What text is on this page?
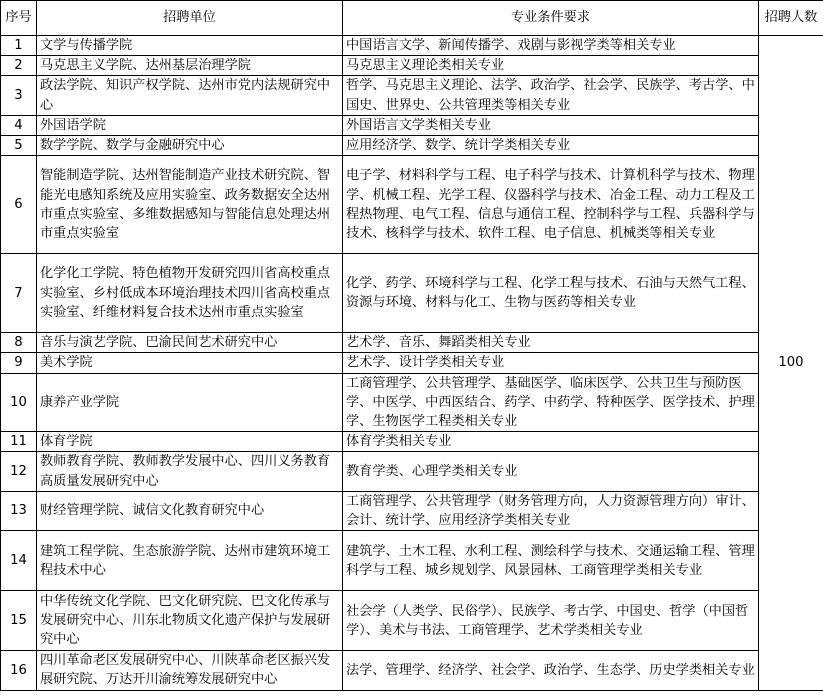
序号	招聘单位	专业条件要求	招聘人数
1	文学与传播学院	中国语言文学、新闻传播学、戏剧与影视学类等相关专业	100
2	马克思主义学院、达州基层治理学院	马克思主义理论类相关专业	
3	政法学院、知识产权学院、达州市党内法规研究中心	哲学、马克思主义理论、法学、政治学、社会学、民族学、考古学、中国史、世界史、公共管理类等相关专业	
4	外国语学院	外国语言文学类相关专业	
5	数学学院、数学与金融研究中心	应用经济学、数学、统计学类相关专业	
6	智能制造学院、达州智能制造产业技术研究院、智能光电感知系统及应用实验室、政务数据安全达州市重点实验室、多维数据感知与智能信息处理达州市重点实验室	电子学、材料科学与工程、电子科学与技术、计算机科学与技术、物理学、机械工程、光学工程、仪器科学与技术、冶金工程、动力工程及工程热物理、电气工程、信息与通信工程、控制科学与工程、兵器科学与技术、核科学与技术、软件工程、电子信息、机械类等相关专业	
7	化学化工学院、特色植物开发研究四川省高校重点实验室、乡村低成本环境治理技术四川省高校重点实验室、纤维材料复合技术达州市重点实验室	化学、药学、环境科学与工程、化学工程与技术、石油与天然气工程、资源与环境、材料与化工、生物与医药等相关专业	
8	音乐与演艺学院、巴渝民间艺术研究中心	艺术学、音乐、舞蹈类相关专业	
9	美术学院	艺术学、设计学类相关专业	
10	康养产业学院	工商管理学、公共管理学、基础医学、临床医学、公共卫生与预防医学、中医学、中西医结合、药学、中药学、特种医学、医学技术、护理学、生物医学工程类相关专业	
11	体育学院	体育学类相关专业	
12	教师教育学院、教师教学发展中心、四川义务教育高质量发展研究中心	教育学类、心理学类相关专业	
13	财经管理学院、诚信文化教育研究中心	工商管理学、公共管理学（财务管理方向，人力资源管理方向）审计、会计、统计学、应用经济学类相关专业	
14	建筑工程学院、生态旅游学院、达州市建筑环境工程技术中心	建筑学、土木工程、水利工程、测绘科学与技术、交通运输工程、管理科学与工程、城乡规划学、风景园林、工商管理学类相关专业	
15	中华传统文化学院、巴文化研究院、巴文化传承与发展研究中心、川东北物质文化遗产保护与发展研究中心	社会学（人类学、民俗学）、民族学、考古学、中国史、哲学（中国哲学）、美术与书法、工商管理学、艺术学类相关专业	
16	四川革命老区发展研究中心、川陕革命老区振兴发展研究院、万达开川渝统筹发展研究中心	法学、管理学、经济学、社会学、政治学、生态学、历史学类相关专业	
